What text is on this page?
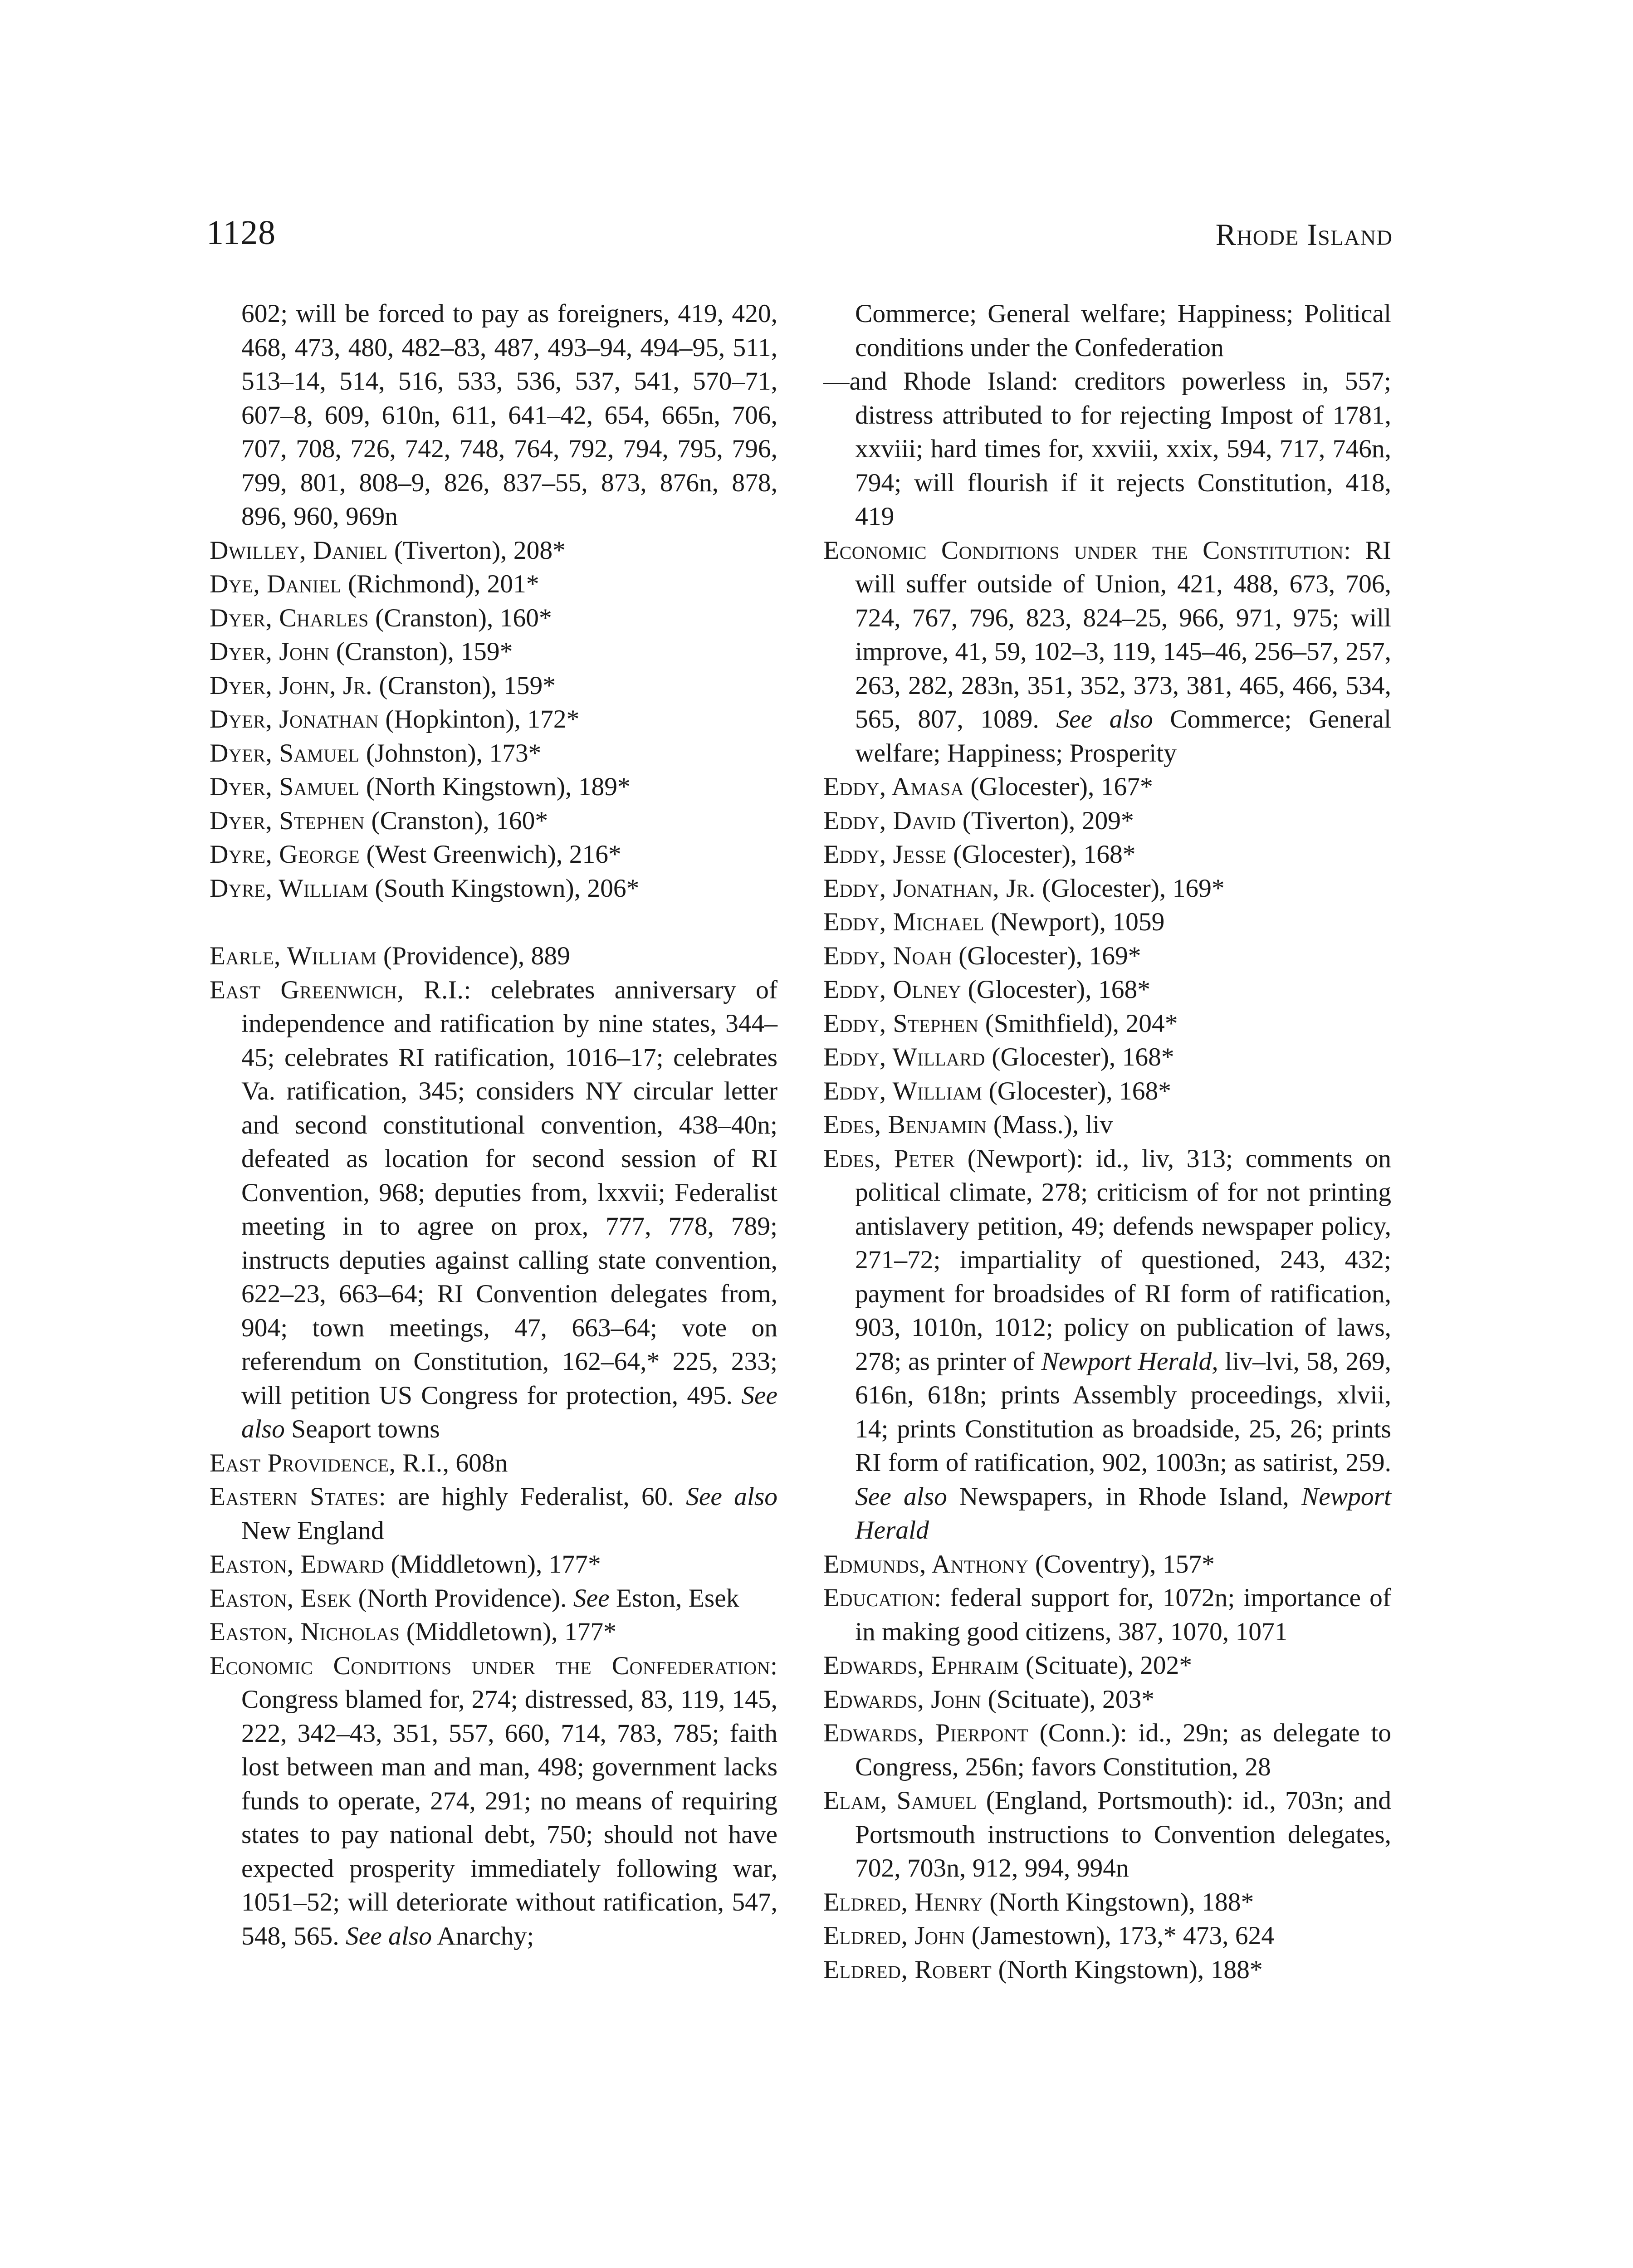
1128	Rhode Island

602; will be forced to pay as foreigners, 419, 420, 468, 473, 480, 482–83, 487, 493–94, 494–95, 511, 513–14, 514, 516, 533, 536, 537, 541, 570–71, 607–8, 609, 610n, 611, 641–42, 654, 665n, 706, 707, 708, 726, 742, 748, 764, 792, 794, 795, 796, 799, 801, 808–9, 826, 837–55, 873, 876n, 878, 896, 960, 969n

Dwilley, Daniel (Tiverton), 208*

Dye, Daniel (Richmond), 201*

Dyer, Charles (Cranston), 160*

Dyer, John (Cranston), 159*

Dyer, John, Jr. (Cranston), 159*

Dyer, Jonathan (Hopkinton), 172*

Dyer, Samuel (Johnston), 173*

Dyer, Samuel (North Kingstown), 189*

Dyer, Stephen (Cranston), 160*

Dyre, George (West Greenwich), 216*

Dyre, William (South Kingstown), 206*

Earle, William (Providence), 889

East Greenwich, R.I.: celebrates anniversary of independence and ratification by nine states, 344–45; celebrates RI ratification, 1016–17; celebrates Va. ratification, 345; considers NY circular letter and second constitutional convention, 438–40n; defeated as location for second session of RI Convention, 968; deputies from, lxxvii; Federalist meeting in to agree on prox, 777, 778, 789; instructs deputies against calling state convention, 622–23, 663–64; RI Convention delegates from, 904; town meetings, 47, 663–64; vote on referendum on Constitution, 162–64,* 225, 233; will petition US Congress for protection, 495. See also Seaport towns

East Providence, R.I., 608n

Eastern States: are highly Federalist, 60. See also New England

Easton, Edward (Middletown), 177*

Easton, Esek (North Providence). See Eston, Esek

Easton, Nicholas (Middletown), 177*

Economic Conditions under the Confederation: Congress blamed for, 274; distressed, 83, 119, 145, 222, 342–43, 351, 557, 660, 714, 783, 785; faith lost between man and man, 498; government lacks funds to operate, 274, 291; no means of requiring states to pay national debt, 750; should not have expected prosperity immediately following war, 1051–52; will deteriorate without ratification, 547, 548, 565. See also Anarchy;

Commerce; General welfare; Happiness; Political conditions under the Confederation

—and Rhode Island: creditors powerless in, 557; distress attributed to for rejecting Impost of 1781, xxviii; hard times for, xxviii, xxix, 594, 717, 746n, 794; will flourish if it rejects Constitution, 418, 419

Economic Conditions under the Constitution: RI will suffer outside of Union, 421, 488, 673, 706, 724, 767, 796, 823, 824–25, 966, 971, 975; will improve, 41, 59, 102–3, 119, 145–46, 256–57, 257, 263, 282, 283n, 351, 352, 373, 381, 465, 466, 534, 565, 807, 1089. See also Commerce; General welfare; Happiness; Prosperity

Eddy, Amasa (Glocester), 167*

Eddy, David (Tiverton), 209*

Eddy, Jesse (Glocester), 168*

Eddy, Jonathan, Jr. (Glocester), 169*

Eddy, Michael (Newport), 1059

Eddy, Noah (Glocester), 169*

Eddy, Olney (Glocester), 168*

Eddy, Stephen (Smithfield), 204*

Eddy, Willard (Glocester), 168*

Eddy, William (Glocester), 168*

Edes, Benjamin (Mass.), liv

Edes, Peter (Newport): id., liv, 313; comments on political climate, 278; criticism of for not printing antislavery petition, 49; defends newspaper policy, 271–72; impartiality of questioned, 243, 432; payment for broadsides of RI form of ratification, 903, 1010n, 1012; policy on publication of laws, 278; as printer of Newport Herald, liv–lvi, 58, 269, 616n, 618n; prints Assembly proceedings, xlvii, 14; prints Constitution as broadside, 25, 26; prints RI form of ratification, 902, 1003n; as satirist, 259. See also Newspapers, in Rhode Island, Newport Herald

Edmunds, Anthony (Coventry), 157*

Education: federal support for, 1072n; importance of in making good citizens, 387, 1070, 1071

Edwards, Ephraim (Scituate), 202*

Edwards, John (Scituate), 203*

Edwards, Pierpont (Conn.): id., 29n; as delegate to Congress, 256n; favors Constitution, 28

Elam, Samuel (England, Portsmouth): id., 703n; and Portsmouth instructions to Convention delegates, 702, 703n, 912, 994, 994n

Eldred, Henry (North Kingstown), 188*

Eldred, John (Jamestown), 173,* 473, 624

Eldred, Robert (North Kingstown), 188*
